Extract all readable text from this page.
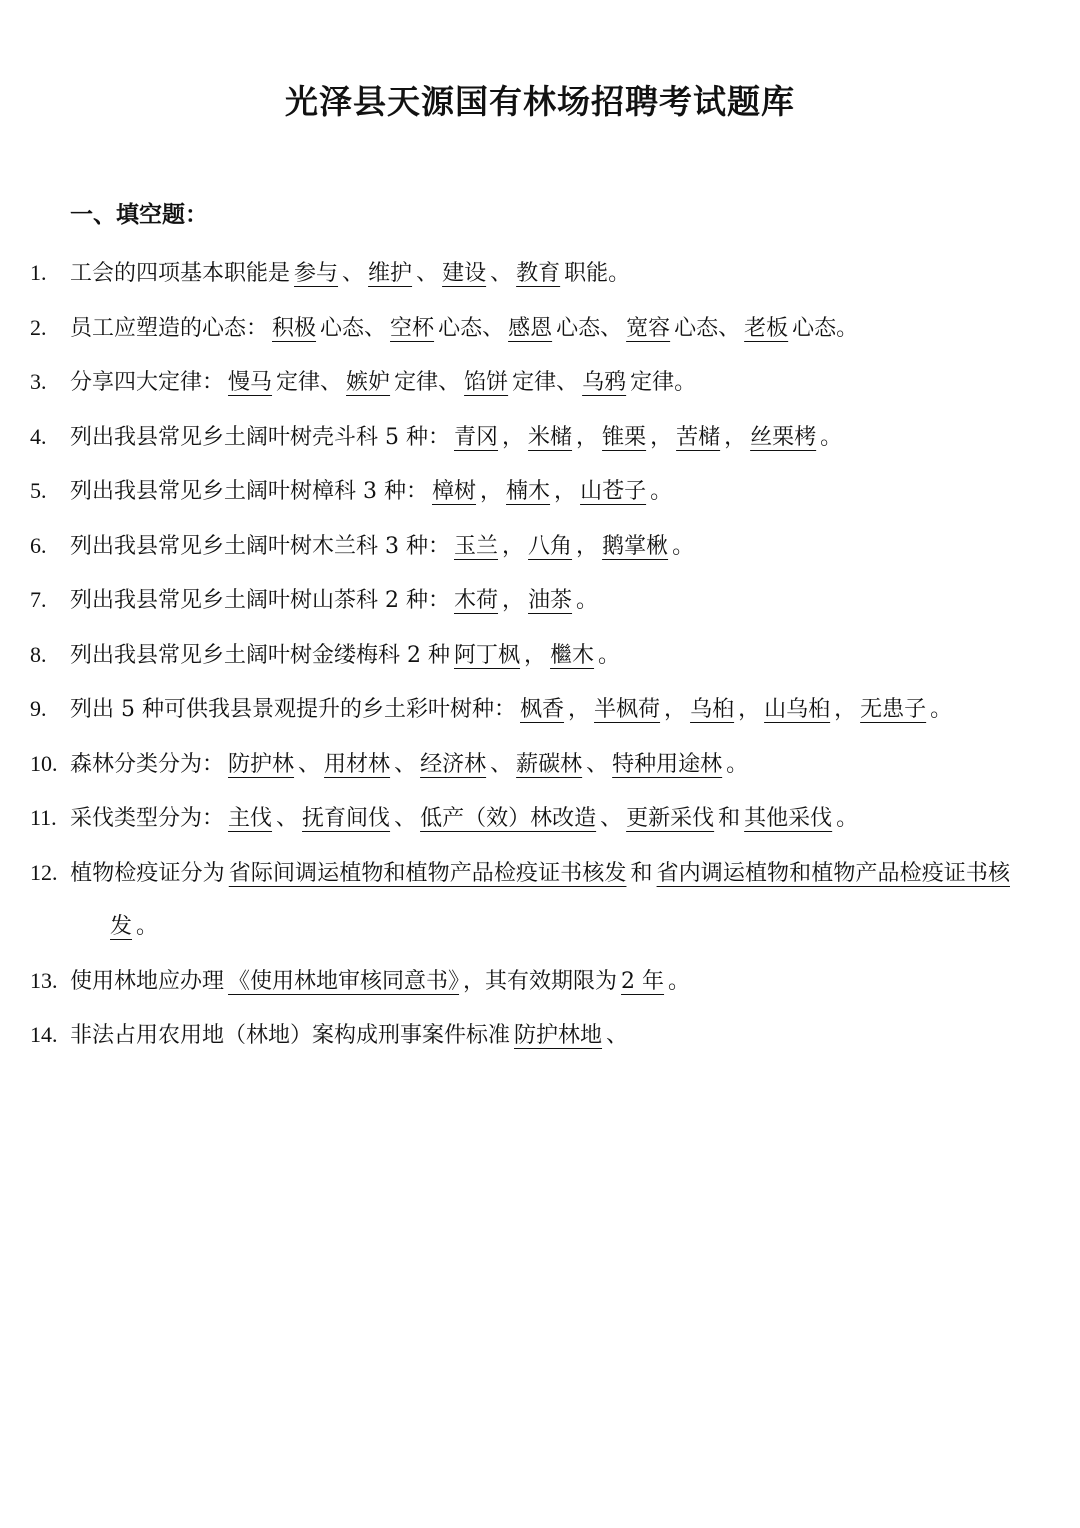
光泽县天源国有林场招聘考试题库
一、填空题：

1.工会的四项基本职能是 参与 、 维护 、 建设 、 教育 职能。

2.员工应塑造的心态： 积极 心态、 空杯 心态、 感恩 心态、 宽容 心态、 老板 心态。

3.分享四大定律： 慢马 定律、 嫉妒 定律、 馅饼 定律、 乌鸦 定律。

4.列出我县常见乡土阔叶树壳斗科 5 种： 青冈 ， 米槠 ， 锥栗 ， 苦槠 ， 丝栗栲 。

5.列出我县常见乡土阔叶树樟科 3 种： 樟树 ， 楠木 ， 山苍子 。

6.列出我县常见乡土阔叶树木兰科 3 种： 玉兰 ， 八角 ， 鹅掌楸 。

7.列出我县常见乡土阔叶树山茶科 2 种： 木荷 ， 油茶 。

8.列出我县常见乡土阔叶树金缕梅科 2 种 阿丁枫 ， 檵木 。

9.列出 5 种可供我县景观提升的乡土彩叶树种： 枫香 ， 半枫荷 ， 乌桕 ， 山乌桕 ， 无患子 。

10.森林分类分为： 防护林 、 用材林 、 经济林 、 薪碳林 、 特种用途林 。

11.采伐类型分为： 主伐 、 抚育间伐 、 低产（效）林改造 、 更新采伐 和 其他采伐 。

12.植物检疫证分为 省际间调运植物和植物产品检疫证书核发 和 省内调运植物和植物产品检疫证书核发 。

13.使用林地应办理 《使用林地审核同意书》 ，其有效期限为 2 年 。

14.非法占用农用地（林地）案构成刑事案件标准 防护林地 、
